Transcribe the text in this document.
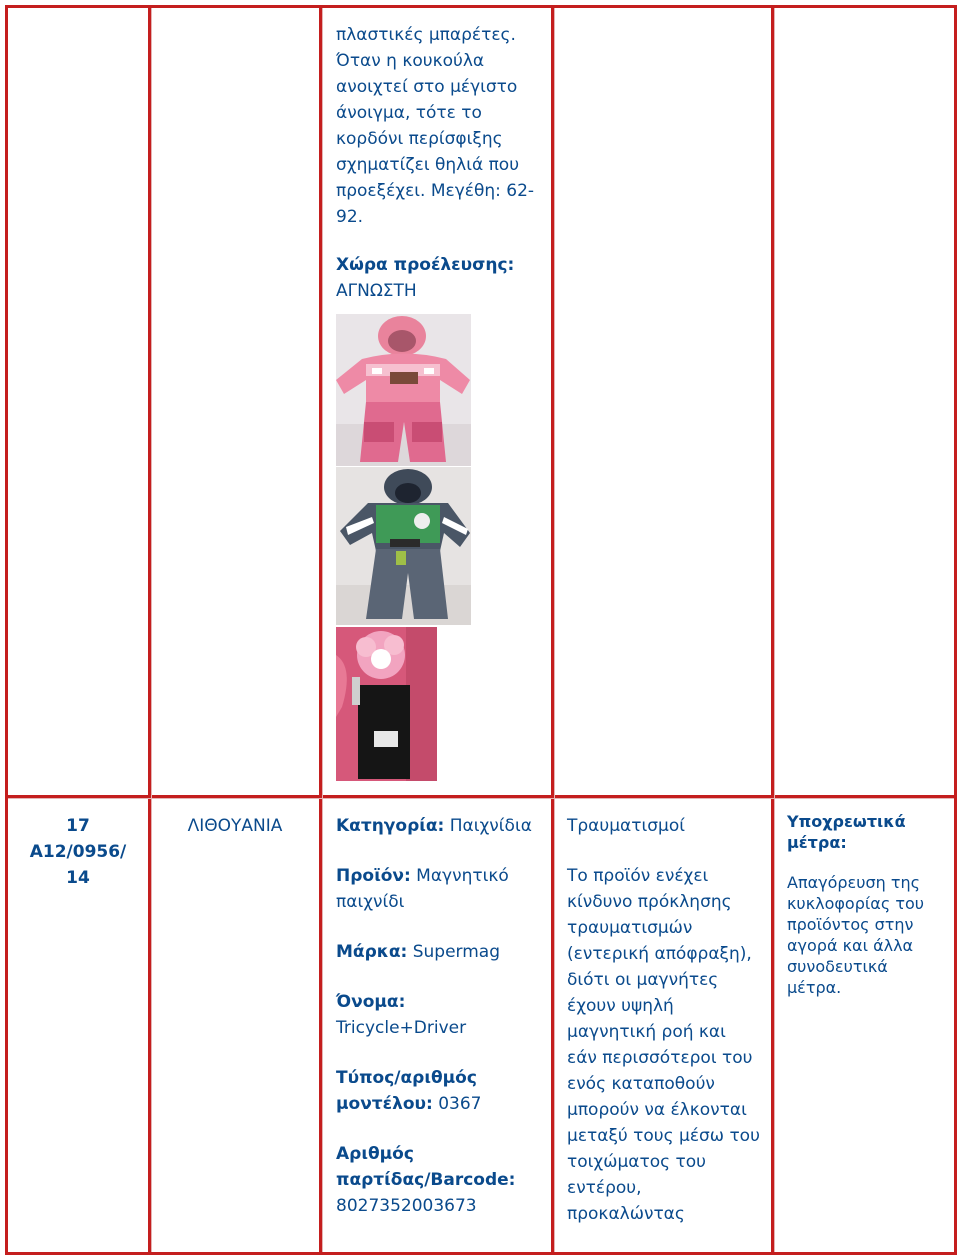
πλαστικές μπαρέτες.
Όταν η κουκούλα
ανοιχτεί στο μέγιστο
άνοιγμα, τότε το
κορδόνι περίσφιξης
σχηματίζει θηλιά που
προεξέχει. Μεγέθη: 62-
92.
Χώρα προέλευσης:
ΑΓΝΩΣΤΗ
17
A12/0956/
14
ΛΙΘΟΥΑΝΙΑ	Κατηγορία: Παιχνίδια
Προϊόν: Μαγνητικό
παιχνίδι
Μάρκα: Supermag
Όνομα:
Tricycle+Driver
Τύπος/αριθμός
μοντέλου: 0367
Αριθμός
παρτίδας/Barcode:
8027352003673
Τραυματισμοί
Το προϊόν ενέχει
κίνδυνο πρόκλησης
τραυματισμών
(εντερική απόφραξη),
διότι οι μαγνήτες
έχουν υψηλή
μαγνητική ροή και
εάν περισσότεροι του
ενός καταποθούν
μπορούν να έλκονται
μεταξύ τους μέσω του
τοιχώματος του
εντέρου,
προκαλώντας
Υποχρεωτικά
μέτρα:
Απαγόρευση της
κυκλοφορίας του
προϊόντος στην
αγορά και άλλα
συνοδευτικά
μέτρα.
